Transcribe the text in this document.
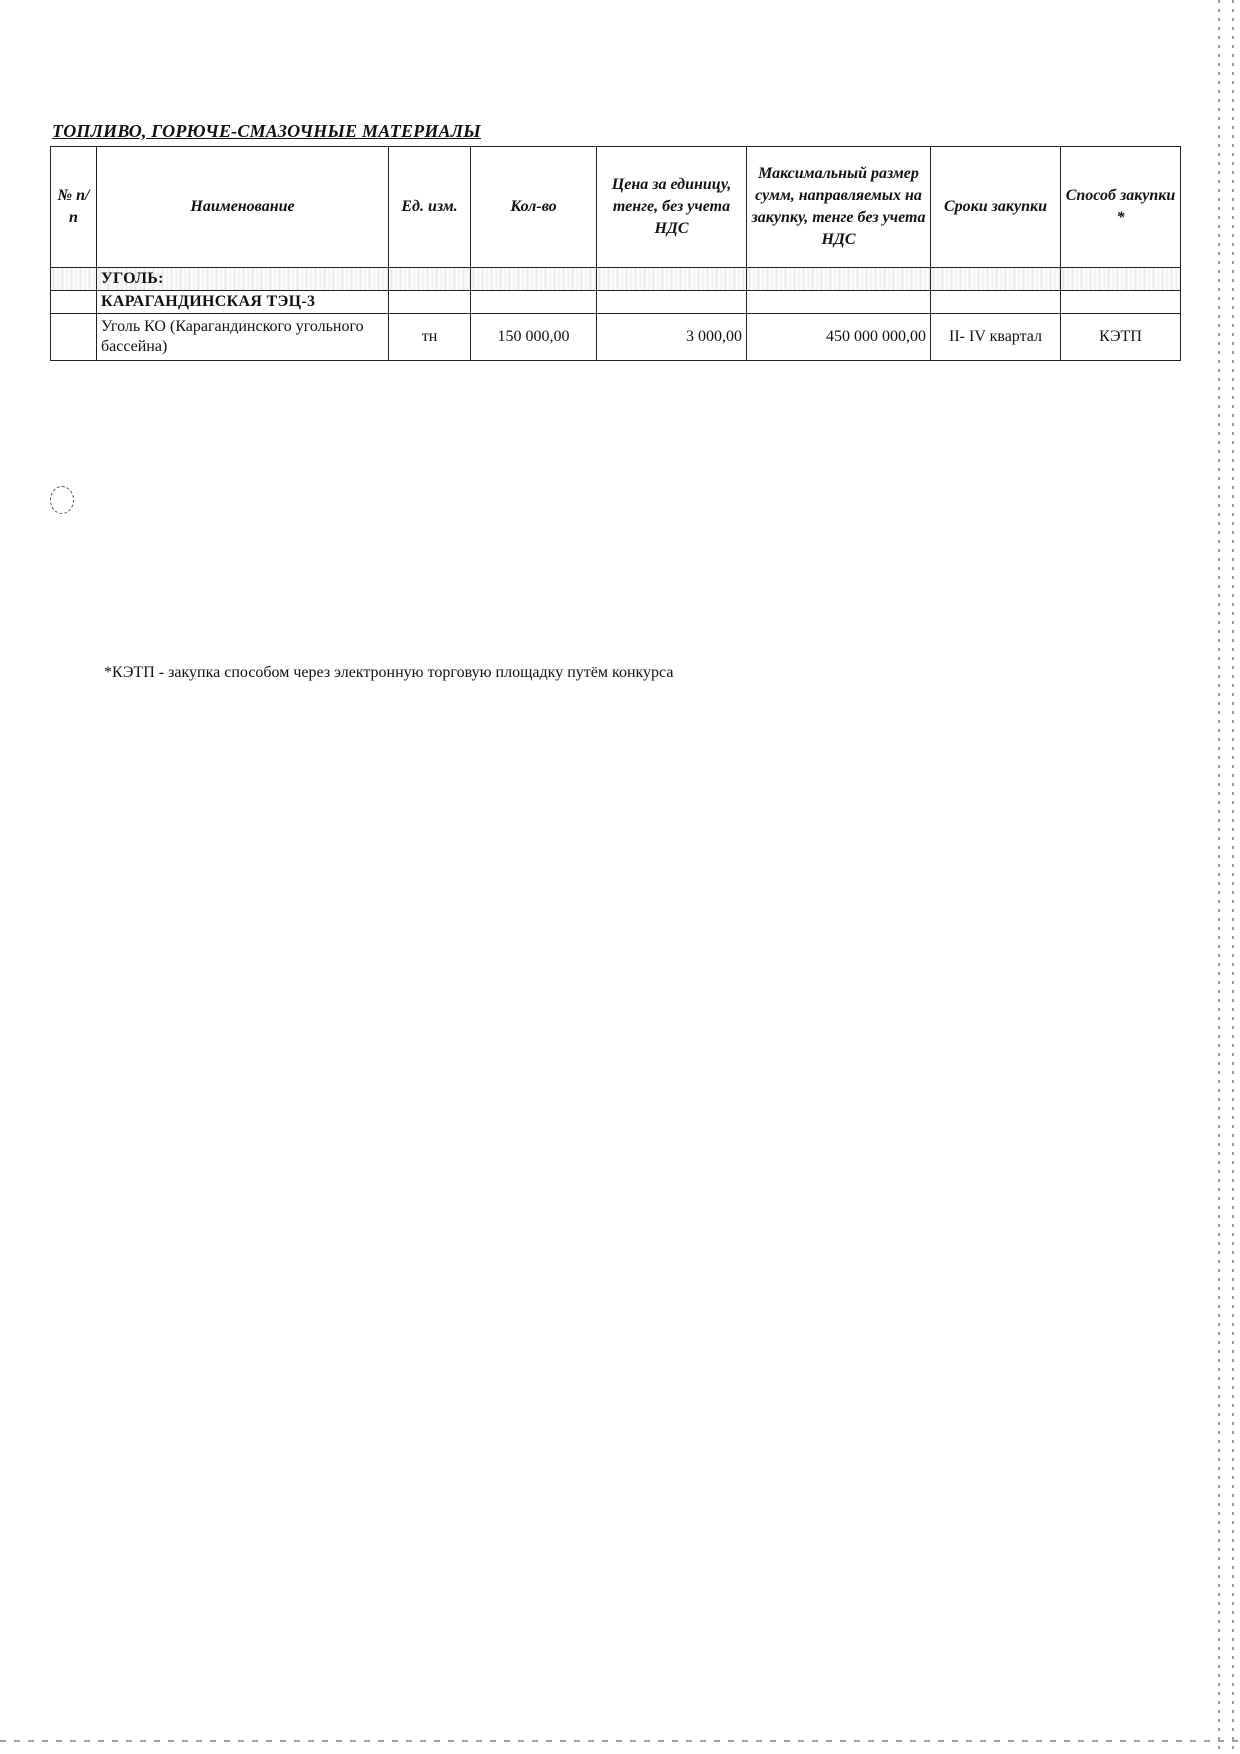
ТОПЛИВО, ГОРЮЧЕ-СМАЗОЧНЫЕ МАТЕРИАЛЫ
№ п/п	Наименование	Ед. изм.	Кол-во	Цена за единицу, тенге, без учета НДС	Максимальный размер сумм, направляемых на закупку, тенге без учета НДС	Сроки закупки	Способ закупки *
	УГОЛЬ:						
	КАРАГАНДИНСКАЯ ТЭЦ-3						
	Уголь КО (Карагандинского угольного бассейна)	тн	150 000,00	3 000,00	450 000 000,00	II- IV квартал	КЭТП
*КЭТП - закупка способом через электронную торговую площадку путём конкурса
